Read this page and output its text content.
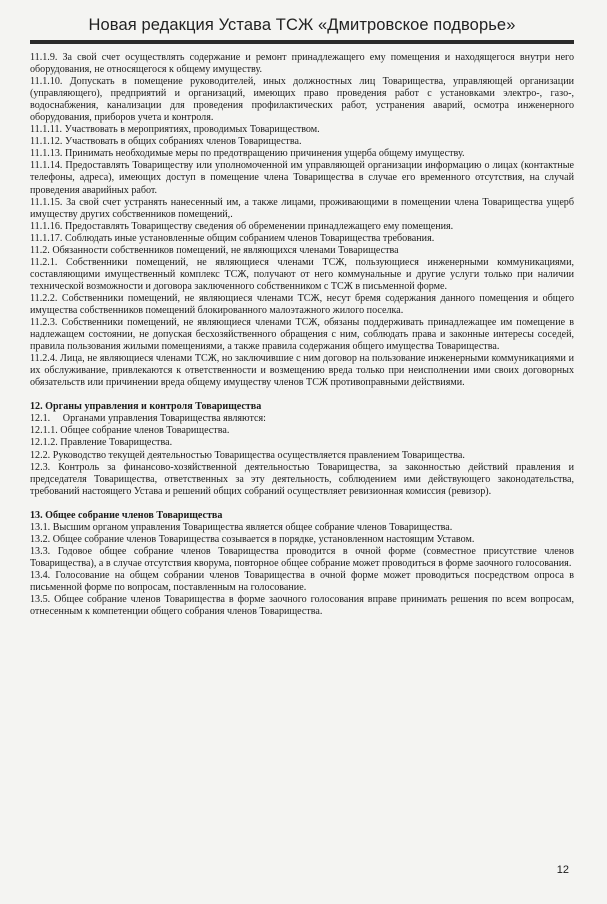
Новая редакция Устава ТСЖ «Дмитровское подворье»

11.1.9. За свой счет осуществлять содержание и ремонт принадлежащего ему помещения и находящегося внутри него оборудования, не относящегося к общему имуществу.

11.1.10. Допускать в помещение руководителей, иных должностных лиц Товарищества, управляющей организации (управляющего), предприятий и организаций, имеющих право проведения работ с установками электро-, газо-, водоснабжения, канализации для проведения профилактических работ, устранения аварий, осмотра инженерного оборудования, приборов учета и контроля.

11.1.11. Участвовать в мероприятиях, проводимых Товариществом.

11.1.12. Участвовать в общих собраниях членов Товарищества.

11.1.13. Принимать необходимые меры по предотвращению причинения ущерба общему имуществу.

11.1.14. Предоставлять Товариществу или уполномоченной им управляющей организации информацию о лицах (контактные телефоны, адреса), имеющих доступ в помещение члена Товарищества в случае его временного отсутствия, на случай проведения аварийных работ.

11.1.15. За свой счет устранять нанесенный им, а также лицами, проживающими в помещении члена Товарищества ущерб имуществу других собственников помещений,.

11.1.16. Предоставлять Товариществу сведения об обременении принадлежащего ему помещения.

11.1.17. Соблюдать иные установленные общим собранием членов Товарищества требования.

11.2. Обязанности собственников помещений, не являющихся членами Товарищества

11.2.1. Собственники помещений, не являющиеся членами ТСЖ, пользующиеся инженерными коммуникациями, составляющими имущественный комплекс ТСЖ, получают от него коммунальные и другие услуги только при наличии технической возможности и договора заключенного собственником с ТСЖ в письменной форме.

11.2.2. Собственники помещений, не являющиеся членами ТСЖ, несут бремя содержания данного помещения и общего имущества собственников помещений блокированного малоэтажного жилого поселка.

11.2.3. Собственники помещений, не являющиеся членами ТСЖ, обязаны поддерживать принадлежащее им помещение в надлежащем состоянии, не допуская бесхозяйственного обращения с ним, соблюдать права и законные интересы соседей, правила пользования жилыми помещениями, а также правила содержания общего имущества Товарищества.

11.2.4. Лица, не являющиеся членами ТСЖ, но заключившие с ним договор на пользование инженерными коммуникациями и их обслуживание, привлекаются к ответственности и возмещению вреда только при неисполнении ими своих договорных обязательств или причинении вреда общему имуществу членов ТСЖ противоправными действиями.

12. Органы управления и контроля Товарищества

12.1.     Органами управления Товарищества являются:

12.1.1. Общее собрание членов Товарищества.

12.1.2. Правление Товарищества.

12.2. Руководство текущей деятельностью Товарищества осуществляется правлением Товарищества.

12.3. Контроль за финансово-хозяйственной деятельностью Товарищества, за законностью действий правления и председателя Товарищества, ответственных за эту деятельность, соблюдением ими действующего законодательства, требований настоящего Устава и решений общих собраний осуществляет ревизионная комиссия (ревизор).

13. Общее собрание членов Товарищества

13.1. Высшим органом управления Товарищества является общее собрание членов Товарищества.

13.2. Общее собрание членов Товарищества созывается в порядке, установленном настоящим Уставом.

13.3. Годовое общее собрание членов Товарищества проводится в очной форме (совместное присутствие членов Товарищества), а в случае отсутствия кворума, повторное общее собрание может проводиться в форме заочного голосования.

13.4. Голосование на общем собрании членов Товарищества в очной форме может проводиться посредством опроса в письменной форме по вопросам, поставленным на голосование.

13.5. Общее собрание членов Товарищества в форме заочного голосования вправе принимать решения по всем вопросам, отнесенным к компетенции общего собрания членов Товарищества.

12
